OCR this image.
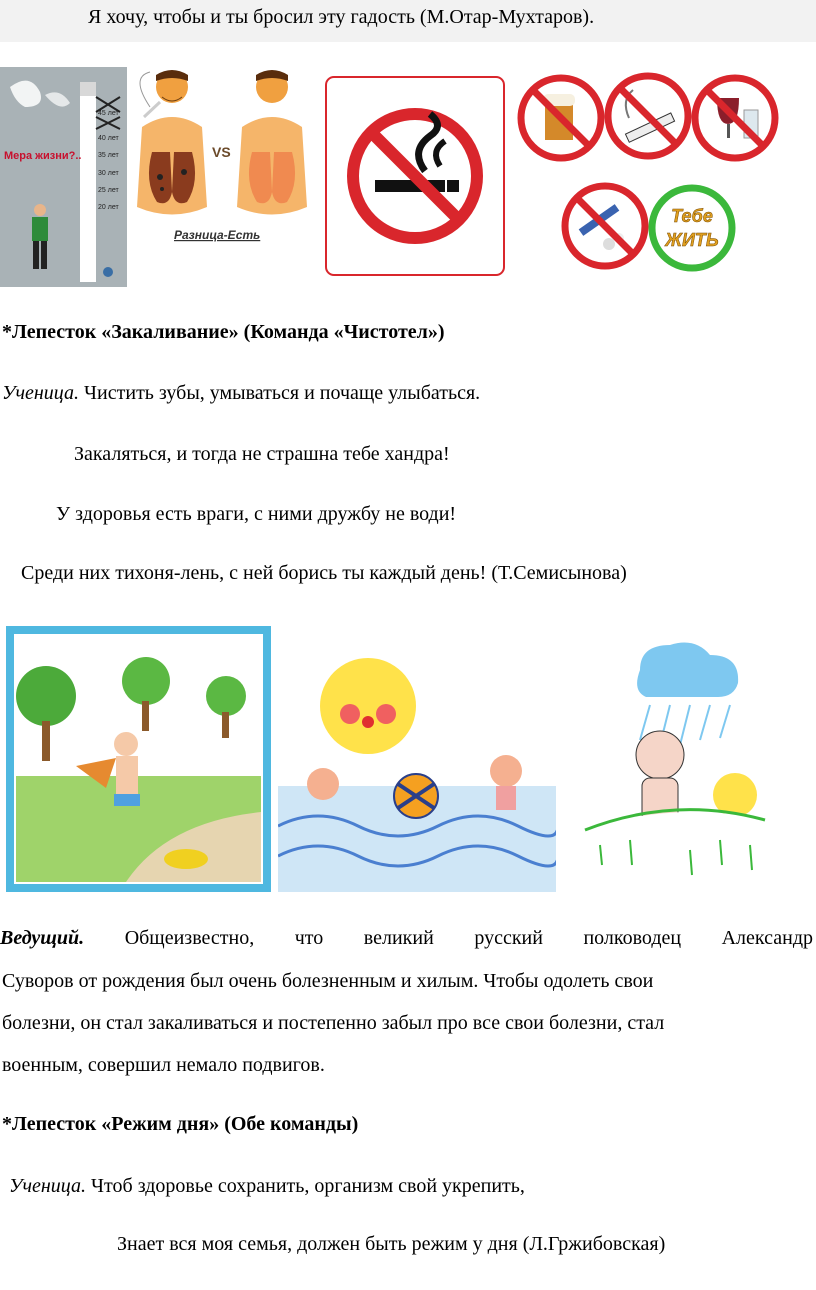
Я хочу, чтобы и ты бросил эту гадость (М.Отар-Мухтаров).
Мера жизни?..
45 лет
40 лет
35 лет
30 лет
25 лет
20 лет
VS
Разница-Есть
Тебе
ЖИТЬ
*Лепесток «Закаливание» (Команда «Чистотел»)
Ученица. Чистить зубы, умываться и почаще улыбаться.
Закаляться, и тогда не страшна тебе хандра!
У здоровья есть враги, с ними дружбу не води!
Среди них тихоня-лень, с ней борись ты каждый день! (Т.Семисынова)
Ведущий. Общеизвестно, что великий русский полководец Александр
Суворов от рождения был очень болезненным и хилым. Чтобы одолеть свои
болезни, он стал закаливаться и постепенно забыл про все свои болезни, стал
военным, совершил немало подвигов.
*Лепесток «Режим дня» (Обе команды)
Ученица. Чтоб здоровье сохранить, организм свой укрепить,
Знает вся моя семья, должен быть режим у дня (Л.Гржибовская)
